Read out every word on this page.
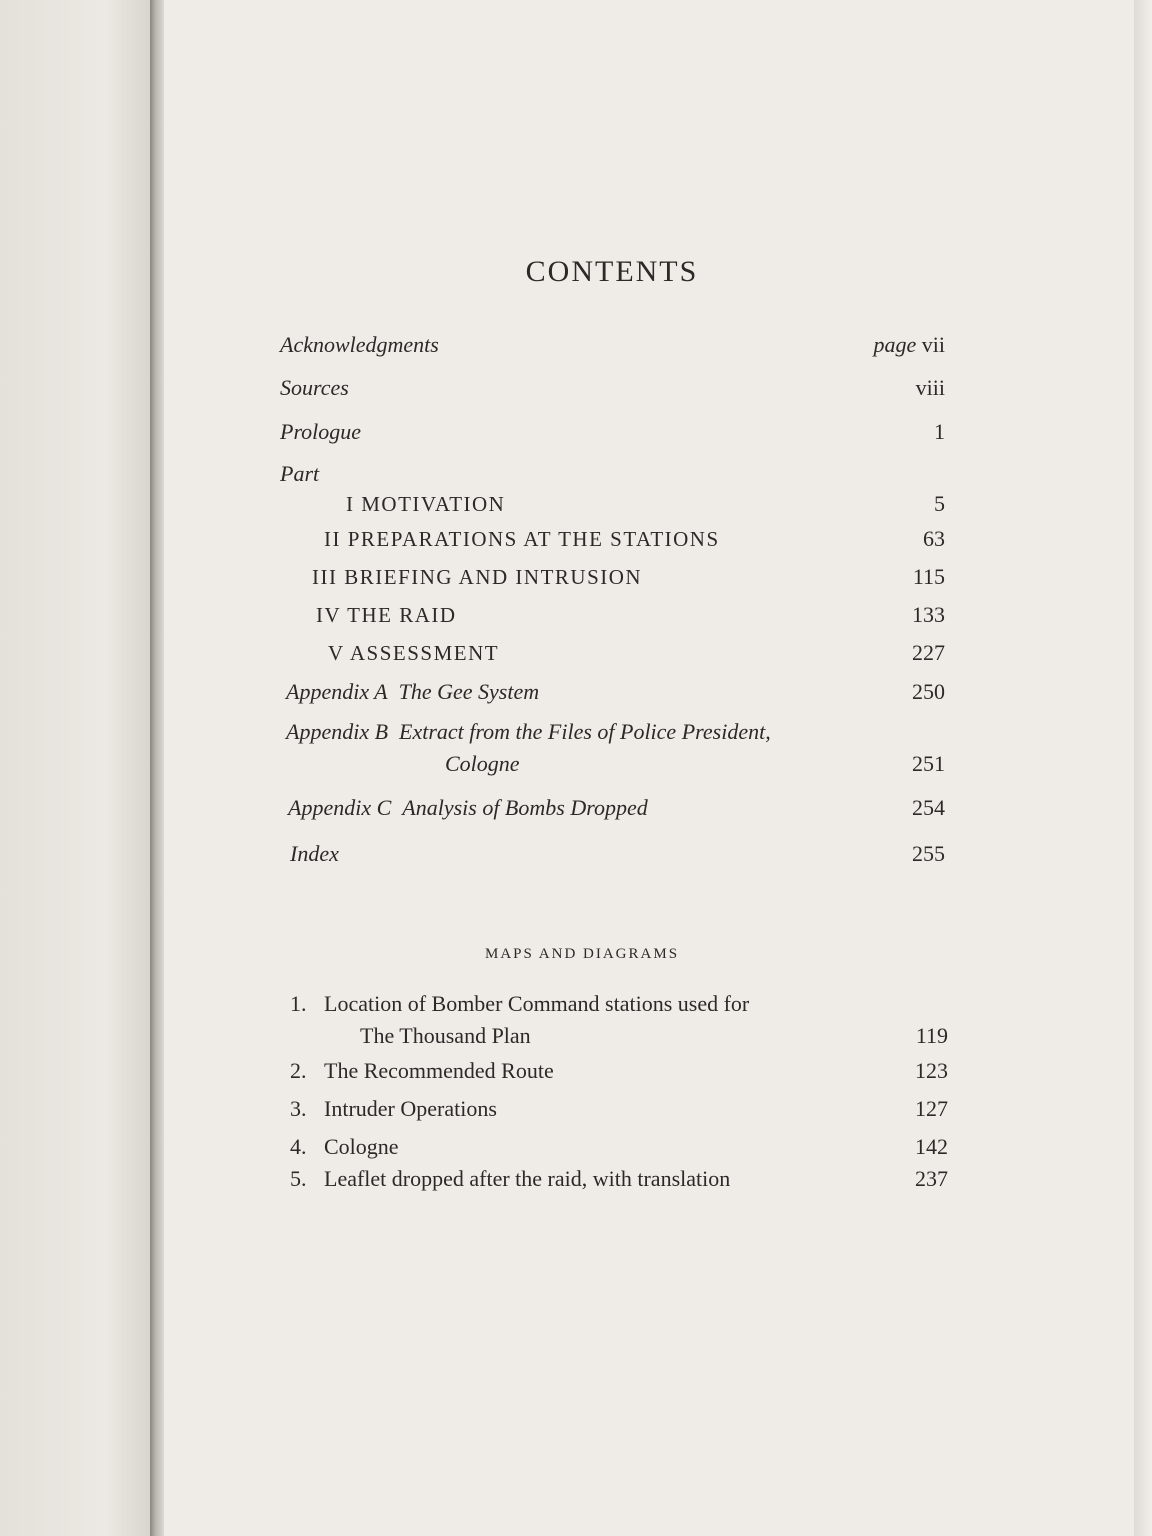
CONTENTS
Acknowledgments	page vii
Sources	viii
Prologue	1
Part
I MOTIVATION	5
II PREPARATIONS AT THE STATIONS	63
III BRIEFING AND INTRUSION	115
IV THE RAID	133
V ASSESSMENT	227
Appendix A The Gee System	250
Appendix B Extract from the Files of Police President,
Cologne	251
Appendix C Analysis of Bombs Dropped	254
Index	255
MAPS AND DIAGRAMS
1. Location of Bomber Command stations used for
The Thousand Plan	119
2. The Recommended Route	123
3. Intruder Operations	127
4. Cologne	142
5. Leaflet dropped after the raid, with translation	237
